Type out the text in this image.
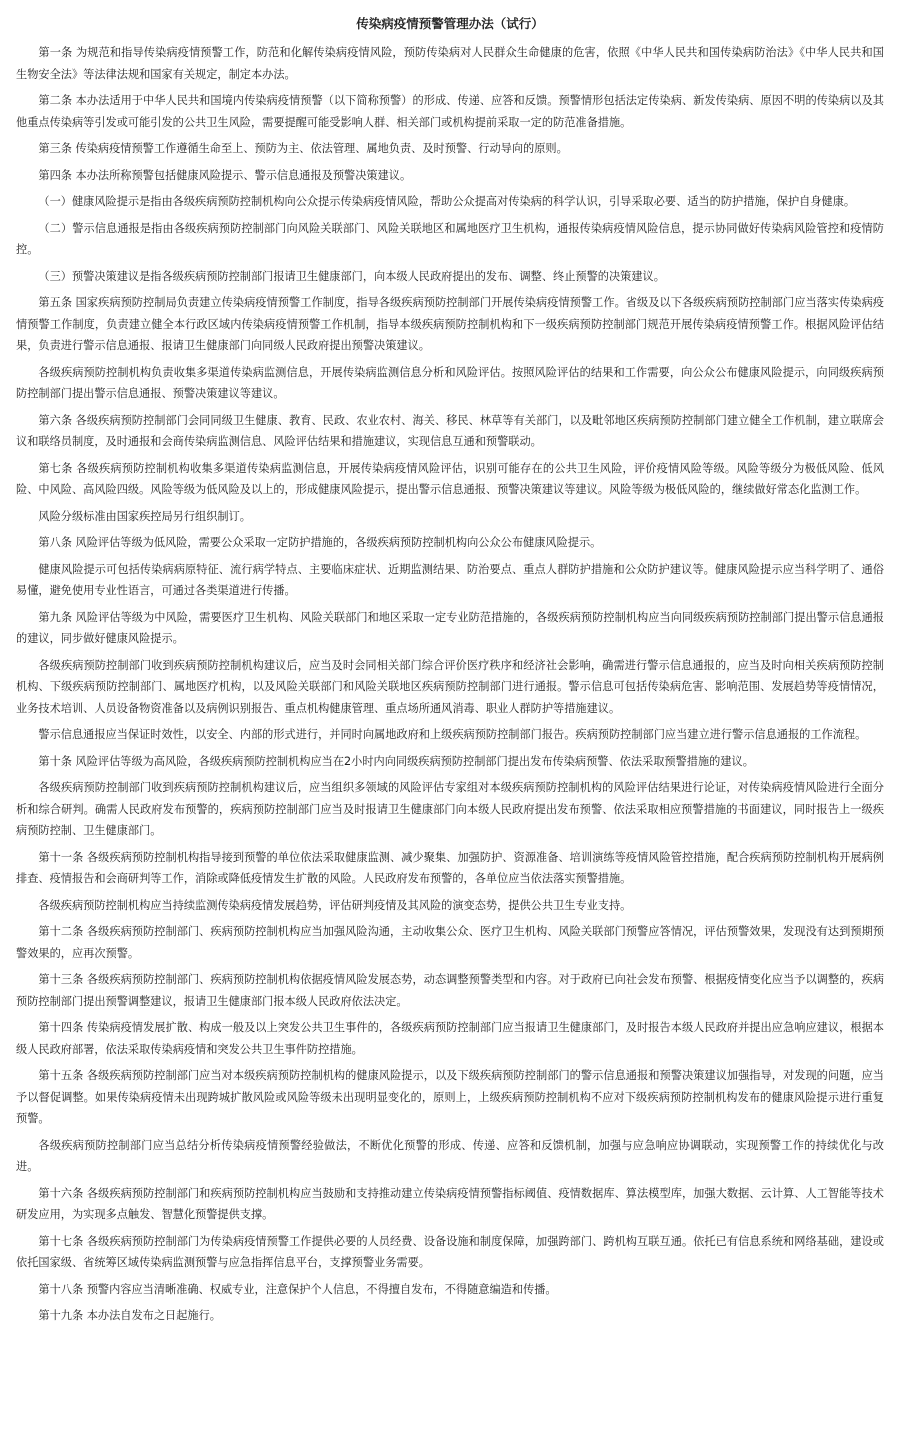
传染病疫情预警管理办法（试行）

第一条 为规范和指导传染病疫情预警工作，防范和化解传染病疫情风险，预防传染病对人民群众生命健康的危害，依照《中华人民共和国传染病防治法》《中华人民共和国生物安全法》等法律法规和国家有关规定，制定本办法。

第二条 本办法适用于中华人民共和国境内传染病疫情预警（以下简称预警）的形成、传递、应答和反馈。预警情形包括法定传染病、新发传染病、原因不明的传染病以及其他重点传染病等引发或可能引发的公共卫生风险，需要提醒可能受影响人群、相关部门或机构提前采取一定的防范准备措施。

第三条 传染病疫情预警工作遵循生命至上、预防为主、依法管理、属地负责、及时预警、行动导向的原则。

第四条 本办法所称预警包括健康风险提示、警示信息通报及预警决策建议。

（一）健康风险提示是指由各级疾病预防控制机构向公众提示传染病疫情风险，帮助公众提高对传染病的科学认识，引导采取必要、适当的防护措施，保护自身健康。

（二）警示信息通报是指由各级疾病预防控制部门向风险关联部门、风险关联地区和属地医疗卫生机构，通报传染病疫情风险信息，提示协同做好传染病风险管控和疫情防控。

（三）预警决策建议是指各级疾病预防控制部门报请卫生健康部门，向本级人民政府提出的发布、调整、终止预警的决策建议。

第五条 国家疾病预防控制局负责建立传染病疫情预警工作制度，指导各级疾病预防控制部门开展传染病疫情预警工作。省级及以下各级疾病预防控制部门应当落实传染病疫情预警工作制度，负责建立健全本行政区域内传染病疫情预警工作机制，指导本级疾病预防控制机构和下一级疾病预防控制部门规范开展传染病疫情预警工作。根据风险评估结果，负责进行警示信息通报、报请卫生健康部门向同级人民政府提出预警决策建议。

各级疾病预防控制机构负责收集多渠道传染病监测信息，开展传染病监测信息分析和风险评估。按照风险评估的结果和工作需要，向公众公布健康风险提示，向同级疾病预防控制部门提出警示信息通报、预警决策建议等建议。

第六条 各级疾病预防控制部门会同同级卫生健康、教育、民政、农业农村、海关、移民、林草等有关部门，以及毗邻地区疾病预防控制部门建立健全工作机制，建立联席会议和联络员制度，及时通报和会商传染病监测信息、风险评估结果和措施建议，实现信息互通和预警联动。

第七条 各级疾病预防控制机构收集多渠道传染病监测信息，开展传染病疫情风险评估，识别可能存在的公共卫生风险，评价疫情风险等级。风险等级分为极低风险、低风险、中风险、高风险四级。风险等级为低风险及以上的，形成健康风险提示，提出警示信息通报、预警决策建议等建议。风险等级为极低风险的，继续做好常态化监测工作。

风险分级标准由国家疾控局另行组织制订。

第八条 风险评估等级为低风险，需要公众采取一定防护措施的，各级疾病预防控制机构向公众公布健康风险提示。

健康风险提示可包括传染病病原特征、流行病学特点、主要临床症状、近期监测结果、防治要点、重点人群防护措施和公众防护建议等。健康风险提示应当科学明了、通俗易懂，避免使用专业性语言，可通过各类渠道进行传播。

第九条 风险评估等级为中风险，需要医疗卫生机构、风险关联部门和地区采取一定专业防范措施的，各级疾病预防控制机构应当向同级疾病预防控制部门提出警示信息通报的建议，同步做好健康风险提示。

各级疾病预防控制部门收到疾病预防控制机构建议后，应当及时会同相关部门综合评价医疗秩序和经济社会影响，确需进行警示信息通报的，应当及时向相关疾病预防控制机构、下级疾病预防控制部门、属地医疗机构，以及风险关联部门和风险关联地区疾病预防控制部门进行通报。警示信息可包括传染病危害、影响范围、发展趋势等疫情情况，业务技术培训、人员设备物资准备以及病例识别报告、重点机构健康管理、重点场所通风消毒、职业人群防护等措施建议。

警示信息通报应当保证时效性，以安全、内部的形式进行，并同时向属地政府和上级疾病预防控制部门报告。疾病预防控制部门应当建立进行警示信息通报的工作流程。

第十条 风险评估等级为高风险，各级疾病预防控制机构应当在2小时内向同级疾病预防控制部门提出发布传染病预警、依法采取预警措施的建议。

各级疾病预防控制部门收到疾病预防控制机构建议后，应当组织多领域的风险评估专家组对本级疾病预防控制机构的风险评估结果进行论证，对传染病疫情风险进行全面分析和综合研判。确需人民政府发布预警的，疾病预防控制部门应当及时报请卫生健康部门向本级人民政府提出发布预警、依法采取相应预警措施的书面建议，同时报告上一级疾病预防控制、卫生健康部门。

第十一条 各级疾病预防控制机构指导接到预警的单位依法采取健康监测、减少聚集、加强防护、资源准备、培训演练等疫情风险管控措施，配合疾病预防控制机构开展病例排查、疫情报告和会商研判等工作，消除或降低疫情发生扩散的风险。人民政府发布预警的，各单位应当依法落实预警措施。

各级疾病预防控制机构应当持续监测传染病疫情发展趋势，评估研判疫情及其风险的演变态势，提供公共卫生专业支持。

第十二条 各级疾病预防控制部门、疾病预防控制机构应当加强风险沟通，主动收集公众、医疗卫生机构、风险关联部门预警应答情况，评估预警效果，发现没有达到预期预警效果的，应再次预警。

第十三条 各级疾病预防控制部门、疾病预防控制机构依据疫情风险发展态势，动态调整预警类型和内容。对于政府已向社会发布预警、根据疫情变化应当予以调整的，疾病预防控制部门提出预警调整建议，报请卫生健康部门报本级人民政府依法决定。

第十四条 传染病疫情发展扩散、构成一般及以上突发公共卫生事件的，各级疾病预防控制部门应当报请卫生健康部门，及时报告本级人民政府并提出应急响应建议，根据本级人民政府部署，依法采取传染病疫情和突发公共卫生事件防控措施。

第十五条 各级疾病预防控制部门应当对本级疾病预防控制机构的健康风险提示，以及下级疾病预防控制部门的警示信息通报和预警决策建议加强指导，对发现的问题，应当予以督促调整。如果传染病疫情未出现跨城扩散风险或风险等级未出现明显变化的，原则上，上级疾病预防控制机构不应对下级疾病预防控制机构发布的健康风险提示进行重复预警。

各级疾病预防控制部门应当总结分析传染病疫情预警经验做法，不断优化预警的形成、传递、应答和反馈机制，加强与应急响应协调联动，实现预警工作的持续优化与改进。

第十六条 各级疾病预防控制部门和疾病预防控制机构应当鼓励和支持推动建立传染病疫情预警指标阈值、疫情数据库、算法模型库，加强大数据、云计算、人工智能等技术研发应用，为实现多点触发、智慧化预警提供支撑。

第十七条 各级疾病预防控制部门为传染病疫情预警工作提供必要的人员经费、设备设施和制度保障，加强跨部门、跨机构互联互通。依托已有信息系统和网络基础，建设或依托国家级、省统筹区域传染病监测预警与应急指挥信息平台，支撑预警业务需要。

第十八条 预警内容应当清晰准确、权威专业，注意保护个人信息，不得擅自发布，不得随意编造和传播。

第十九条 本办法自发布之日起施行。
